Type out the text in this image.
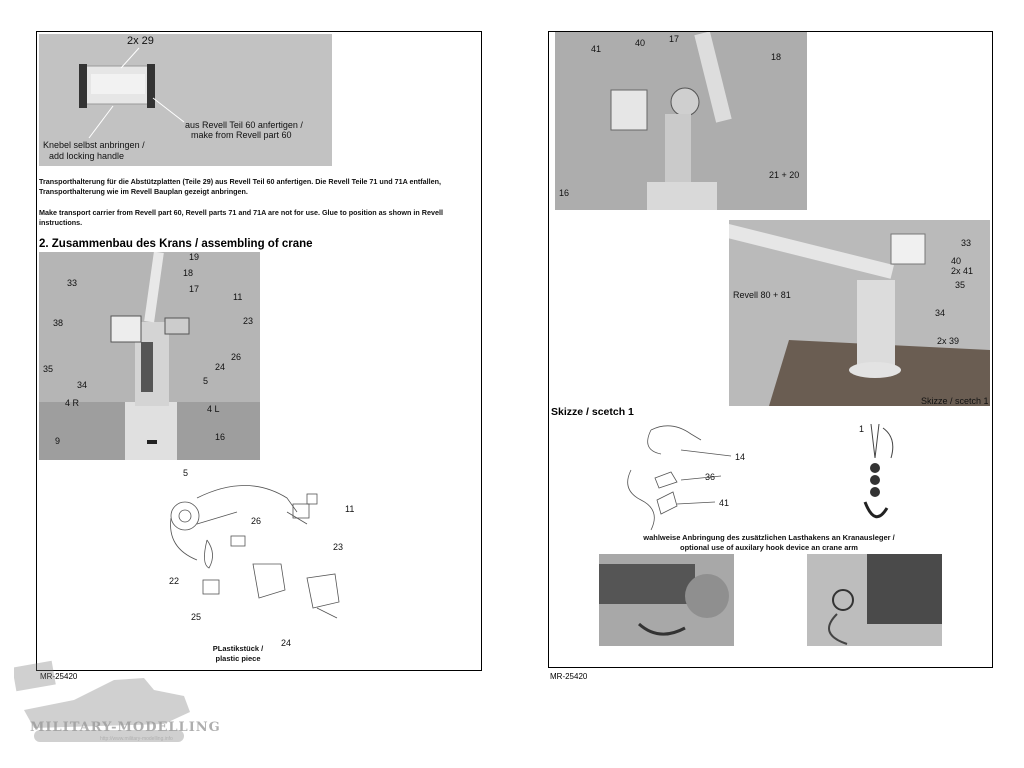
2x 29
aus Revell Teil 60 anfertigen /
make from Revell part 60
Knebel selbst anbringen /
add locking handle
Transporthalterung für die Abstützplatten (Teile 29) aus Revell Teil 60 anfertigen. Die Revell Teile 71 und 71A entfallen, Transporthalterung wie im Revell Bauplan gezeigt anbringen.
Make transport carrier from Revell part 60, Revell parts 71 and 71A are not for use. Glue to position as shown in Revell instructions.
2. Zusammenbau des Krans / assembling of crane
19
33
18
17
11
38	23
26
35	24
34	5
4 R
4 L
9	16
5
11
26
23
22
25
24
PLastikstück /
plastic piece
MR-25420
41
40	17
18
21 + 20
16
33
40
2x 41
35
34
2x 39
Revell 80 + 81
Skizze / scetch 1
Skizze / scetch 1
14
36
41
1
wahlweise Anbringung des zusätzlichen Lasthakens an Kranausleger /
optional use of auxilary hook device an crane arm
MR-25420
MILITARY-MODELLING
http://www.military-modelling.info
